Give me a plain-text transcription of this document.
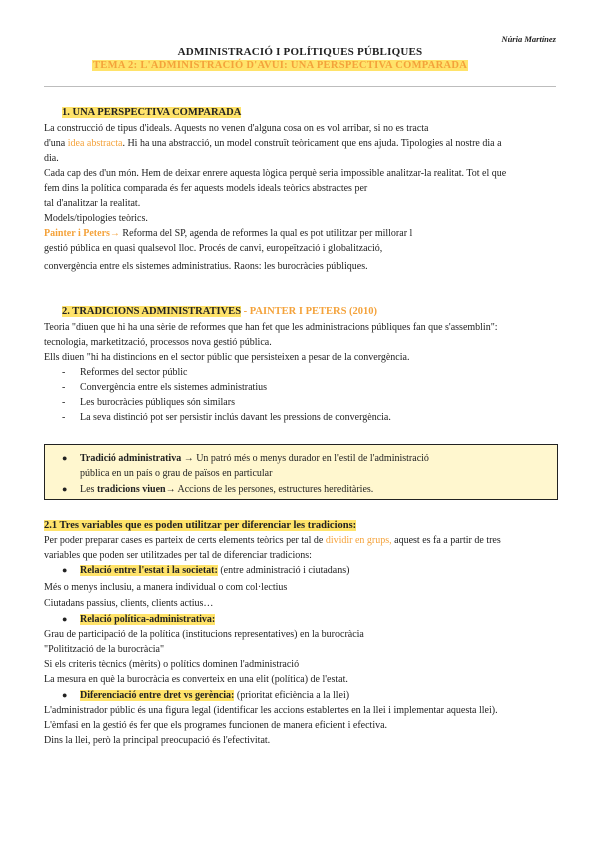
Núria Martínez
ADMINISTRACIÓ I POLÍTIQUES PÚBLIQUES
TEMA 2: L'ADMINISTRACIÓ D'AVUI: UNA PERSPECTIVA COMPARADA
1. UNA PERSPECTIVA COMPARADA
La construcció de tipus d'ideals. Aquests no venen d'alguna cosa on es vol arribar, si no es tracta
d'una idea abstracta. Hi ha una abstracció, un model construït teòricament que ens ajuda. Tipologies al nostre dia a
dia.
Cada cap des d'un món. Hem de deixar enrere aquesta lògica perquè seria impossible analitzar-la realitat. Tot el que
fem dins la política comparada és fer aquests models ideals teòrics abstractes per
tal d'analitzar la realitat.
Models/tipologies teòrics.
Painter i Peters→ Reforma del SP, agenda de reformes la qual es pot utilitzar per millorar l
gestió pública en quasi qualsevol lloc. Procés de canvi, europeïtzació i globalització,
convergència entre els sistemes administratius. Raons: les burocràcies públiques.
2. TRADICIONS ADMINISTRATIVES - PAINTER I PETERS (2010)
Teoria "diuen que hi ha una sèrie de reformes que han fet que les administracions públiques fan que s'assemblin":
tecnologia, marketització, processos nova gestió pública.
Ells diuen "hi ha distincions en el sector públic que persisteixen a pesar de la convergència.
- Reformes del sector públic
- Convergència entre els sistemes administratius
- Les burocràcies públiques són similars
- La seva distinció pot ser persistir inclús davant les pressions de convergència.
● Tradició administrativa → Un patró més o menys durador en l'estil de l'administració
pública en un país o grau de països en particular
● Les tradicions viuen→ Accions de les persones, estructures hereditàries.
2.1 Tres variables que es poden utilitzar per diferenciar les tradicions:
Per poder preparar cases es parteix de certs elements teòrics per tal de dividir en grups, aquest es fa a partir de tres
variables que poden ser utilitzades per tal de diferenciar tradicions:
● Relació entre l'estat i la societat: (entre administració i ciutadans)
Més o menys inclusiu, a manera individual o com col·lectius
Ciutadans passius, clients, clients actius…
● Relació política-administrativa:
Grau de participació de la política (institucions representatives) en la burocràcia
"Politització de la burocràcia"
Si els criteris tècnics (mèrits) o polítics dominen l'administració
La mesura en què la burocràcia es converteix en una elit (política) de l'estat.
● Diferenciació entre dret vs gerència: (prioritat eficiència a la llei)
L'administrador públic és una figura legal (identificar les accions establertes en la llei i implementar aquesta llei).
L'èmfasi en la gestió és fer que els programes funcionen de manera eficient i efectiva.
Dins la llei, però la principal preocupació és l'efectivitat.
